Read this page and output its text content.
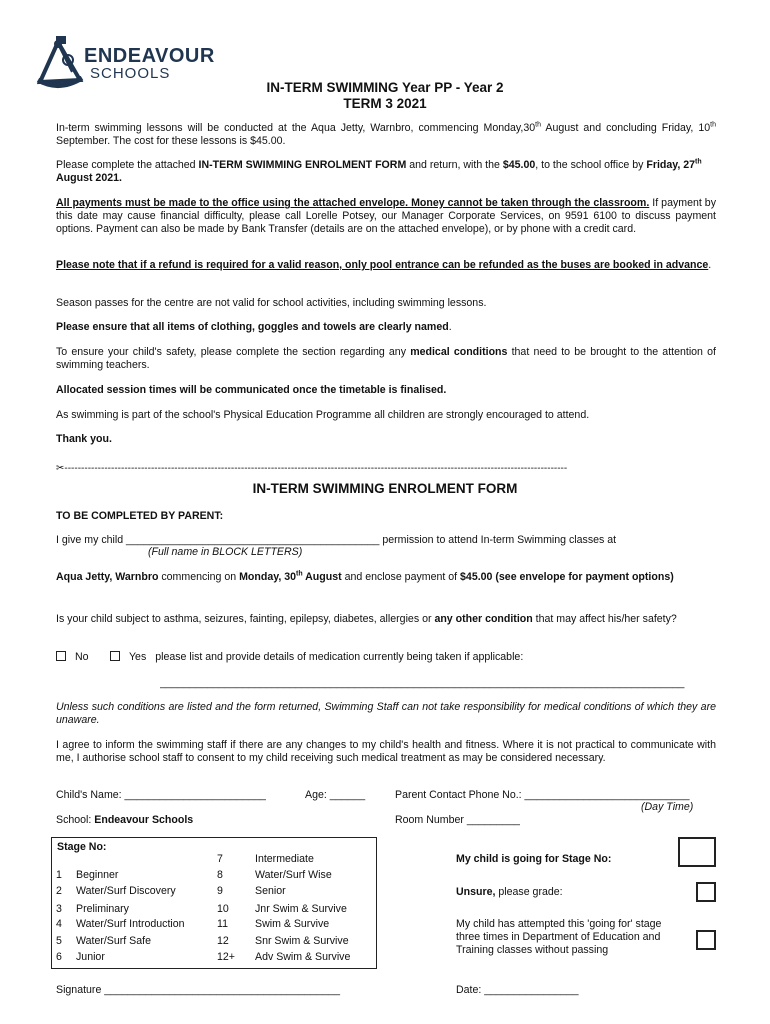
ENDEAVOUR
SCHOOLS
IN-TERM SWIMMING Year PP - Year 2
TERM 3 2021

In-term swimming lessons will be conducted at the Aqua Jetty, Warnbro, commencing Monday,30th August and concluding Friday, 10th September. The cost for these lessons is $45.00.

Please complete the attached IN-TERM SWIMMING ENROLMENT FORM and return, with the $45.00, to the school office by Friday, 27th August 2021.

All payments must be made to the office using the attached envelope. Money cannot be taken through the classroom. If payment by this date may cause financial difficulty, please call Lorelle Potsey, our Manager Corporate Services, on 9591 6100 to discuss payment options. Payment can also be made by Bank Transfer (details are on the attached envelope), or by phone with a credit card.

Please note that if a refund is required for a valid reason, only pool entrance can be refunded as the buses are booked in advance.

Season passes for the centre are not valid for school activities, including swimming lessons.

Please ensure that all items of clothing, goggles and towels are clearly named.

To ensure your child's safety, please complete the section regarding any medical conditions that need to be brought to the attention of swimming teachers.

Allocated session times will be communicated once the timetable is finalised.

As swimming is part of the school's Physical Education Programme all children are strongly encouraged to attend.

Thank you.

✂-------------------------------------------------------------------------------------------------------------------------------------------------------
IN-TERM SWIMMING ENROLMENT FORM
TO BE COMPLETED BY PARENT:
I give my child ___________________________________________ permission to attend In-term Swimming classes at
(Full name in BLOCK LETTERS)
Aqua Jetty, Warnbro commencing on Monday, 30th August and enclose payment of $45.00 (see envelope for payment options)
Is your child subject to asthma, seizures, fainting, epilepsy, diabetes, allergies or any other condition that may affect his/her safety?
No	Yes please list and provide details of medication currently being taken if applicable:
_________________________________________________________________________________________
Unless such conditions are listed and the form returned, Swimming Staff can not take responsibility for medical conditions of which they are unaware.
I agree to inform the swimming staff if there are any changes to my child's health and fitness. Where it is not practical to communicate with me, I authorise school staff to consent to my child receiving such medical treatment as may be considered necessary.
Child's Name: ________________________	Age: ______	Parent Contact Phone No.: ____________________________
(Day Time)
School: Endeavour Schools	Room Number _________
Stage No:
1	Beginner
2	Water/Surf Discovery
3	Preliminary
4	Water/Surf Introduction
5	Water/Surf Safe
6	Junior
7	Intermediate
8	Water/Surf Wise
9	Senior
10	Jnr Swim & Survive
11	Swim & Survive
12	Snr Swim & Survive
12+	Adv Swim & Survive
My child is going for Stage No:
Unsure, please grade:
My child has attempted this 'going for' stage three times in Department of Education and Training classes without passing
Signature ________________________________________	Date: ________________
